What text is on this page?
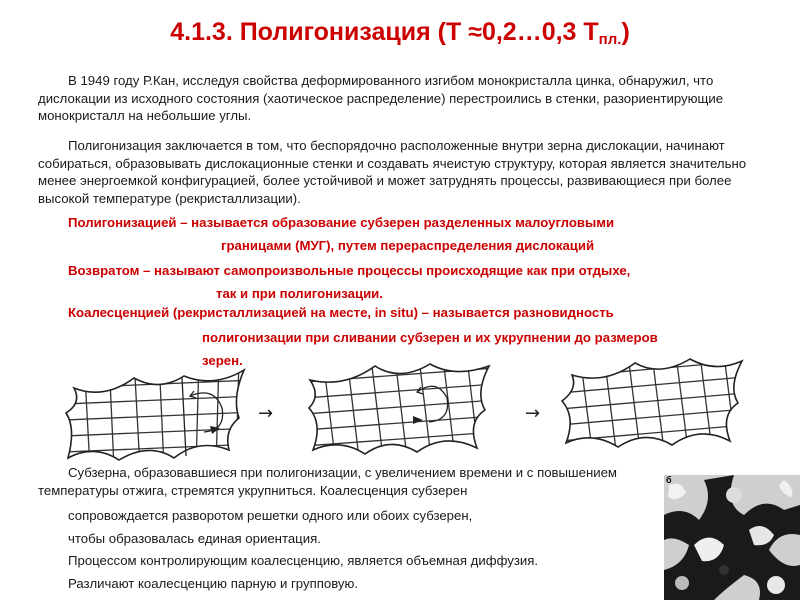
4.1.3. Полигонизация (Т ≈0,2…0,3 $Т_{пл.}$)

В 1949 году Р.Кан, исследуя свойства деформированного изгибом монокристалла цинка, обнаружил, что дислокации из исходного состояния (хаотическое распределение) перестроились в стенки, разориентирующие монокристалл на небольшие углы.

Полигонизация заключается в том, что беспорядочно расположенные внутри зерна дислокации, начинают собираться, образовывать дислокационные стенки и создавать ячеистую структуру, которая является значительно менее энергоемкой конфигурацией, более устойчивой и может затруднять процессы, развивающиеся при более высокой температуре (рекристаллизации).

Полигонизацией – называется образование субзерен разделенных малоугловыми
границами (МУГ), путем перераспределения дислокаций
Возвратом – называют самопроизвольные процессы происходящие как при отдыхе,
так и при полигонизации.
Коалесценцией (рекристаллизацией на месте, in situ) – называется разновидность
полигонизации при сливании субзерен и их укрупнении до размеров
зерен.
→	→
Субзерна, образовавшиеся при полигонизации, с увеличением времени и с повышением
температуры отжига, стремятся укрупниться. Коалесценция субзерен
сопровождается разворотом решетки одного или обоих субзерен,
чтобы образовалась единая ориентация.
Процессом контролирующим коалесценцию, является объемная диффузия.
Различают коалесценцию парную и групповую.
б
